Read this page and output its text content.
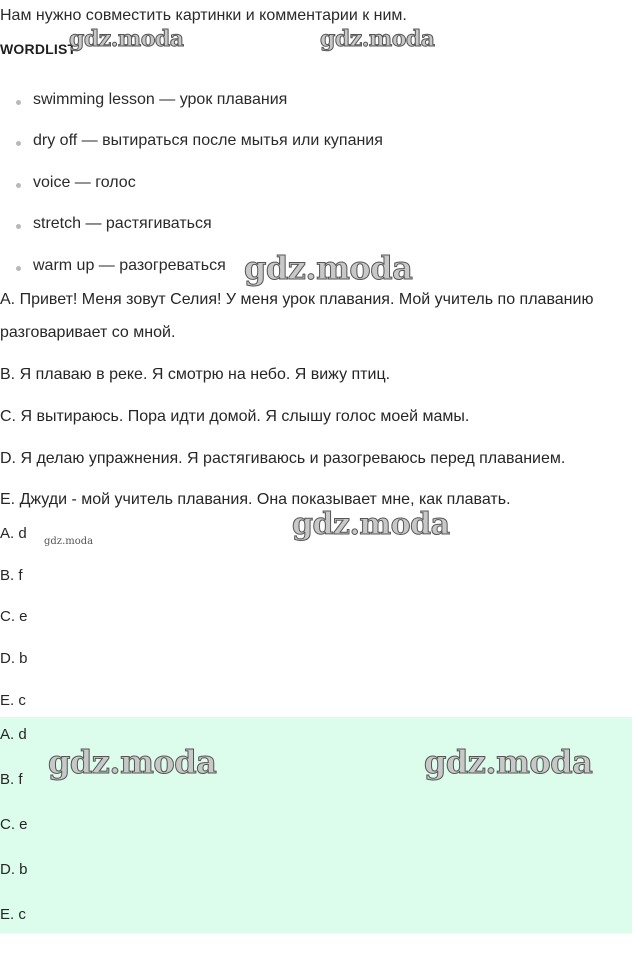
Нам нужно совместить картинки и комментарии к ним.
WORDLIST
swimming lesson — урок плавания
dry off — вытираться после мытья или купания
voice — голос
stretch — растягиваться
warm up — разогреваться
A. Привет! Меня зовут Селия! У меня урок плавания. Мой учитель по плаванию
разговаривает со мной.
B. Я плаваю в реке. Я смотрю на небо. Я вижу птиц.
C. Я вытираюсь. Пора идти домой. Я слышу голос моей мамы.
D. Я делаю упражнения. Я растягиваюсь и разогреваюсь перед плаванием.
E. Джуди - мой учитель плавания. Она показывает мне, как плавать.
A. d
B. f
C. e
D. b
E. c
A. d
B. f
C. e
D. b
E. c
gdz.moda	gdz.moda
gdz.moda
gdz.moda
gdz.moda
gdz.moda	gdz.moda
